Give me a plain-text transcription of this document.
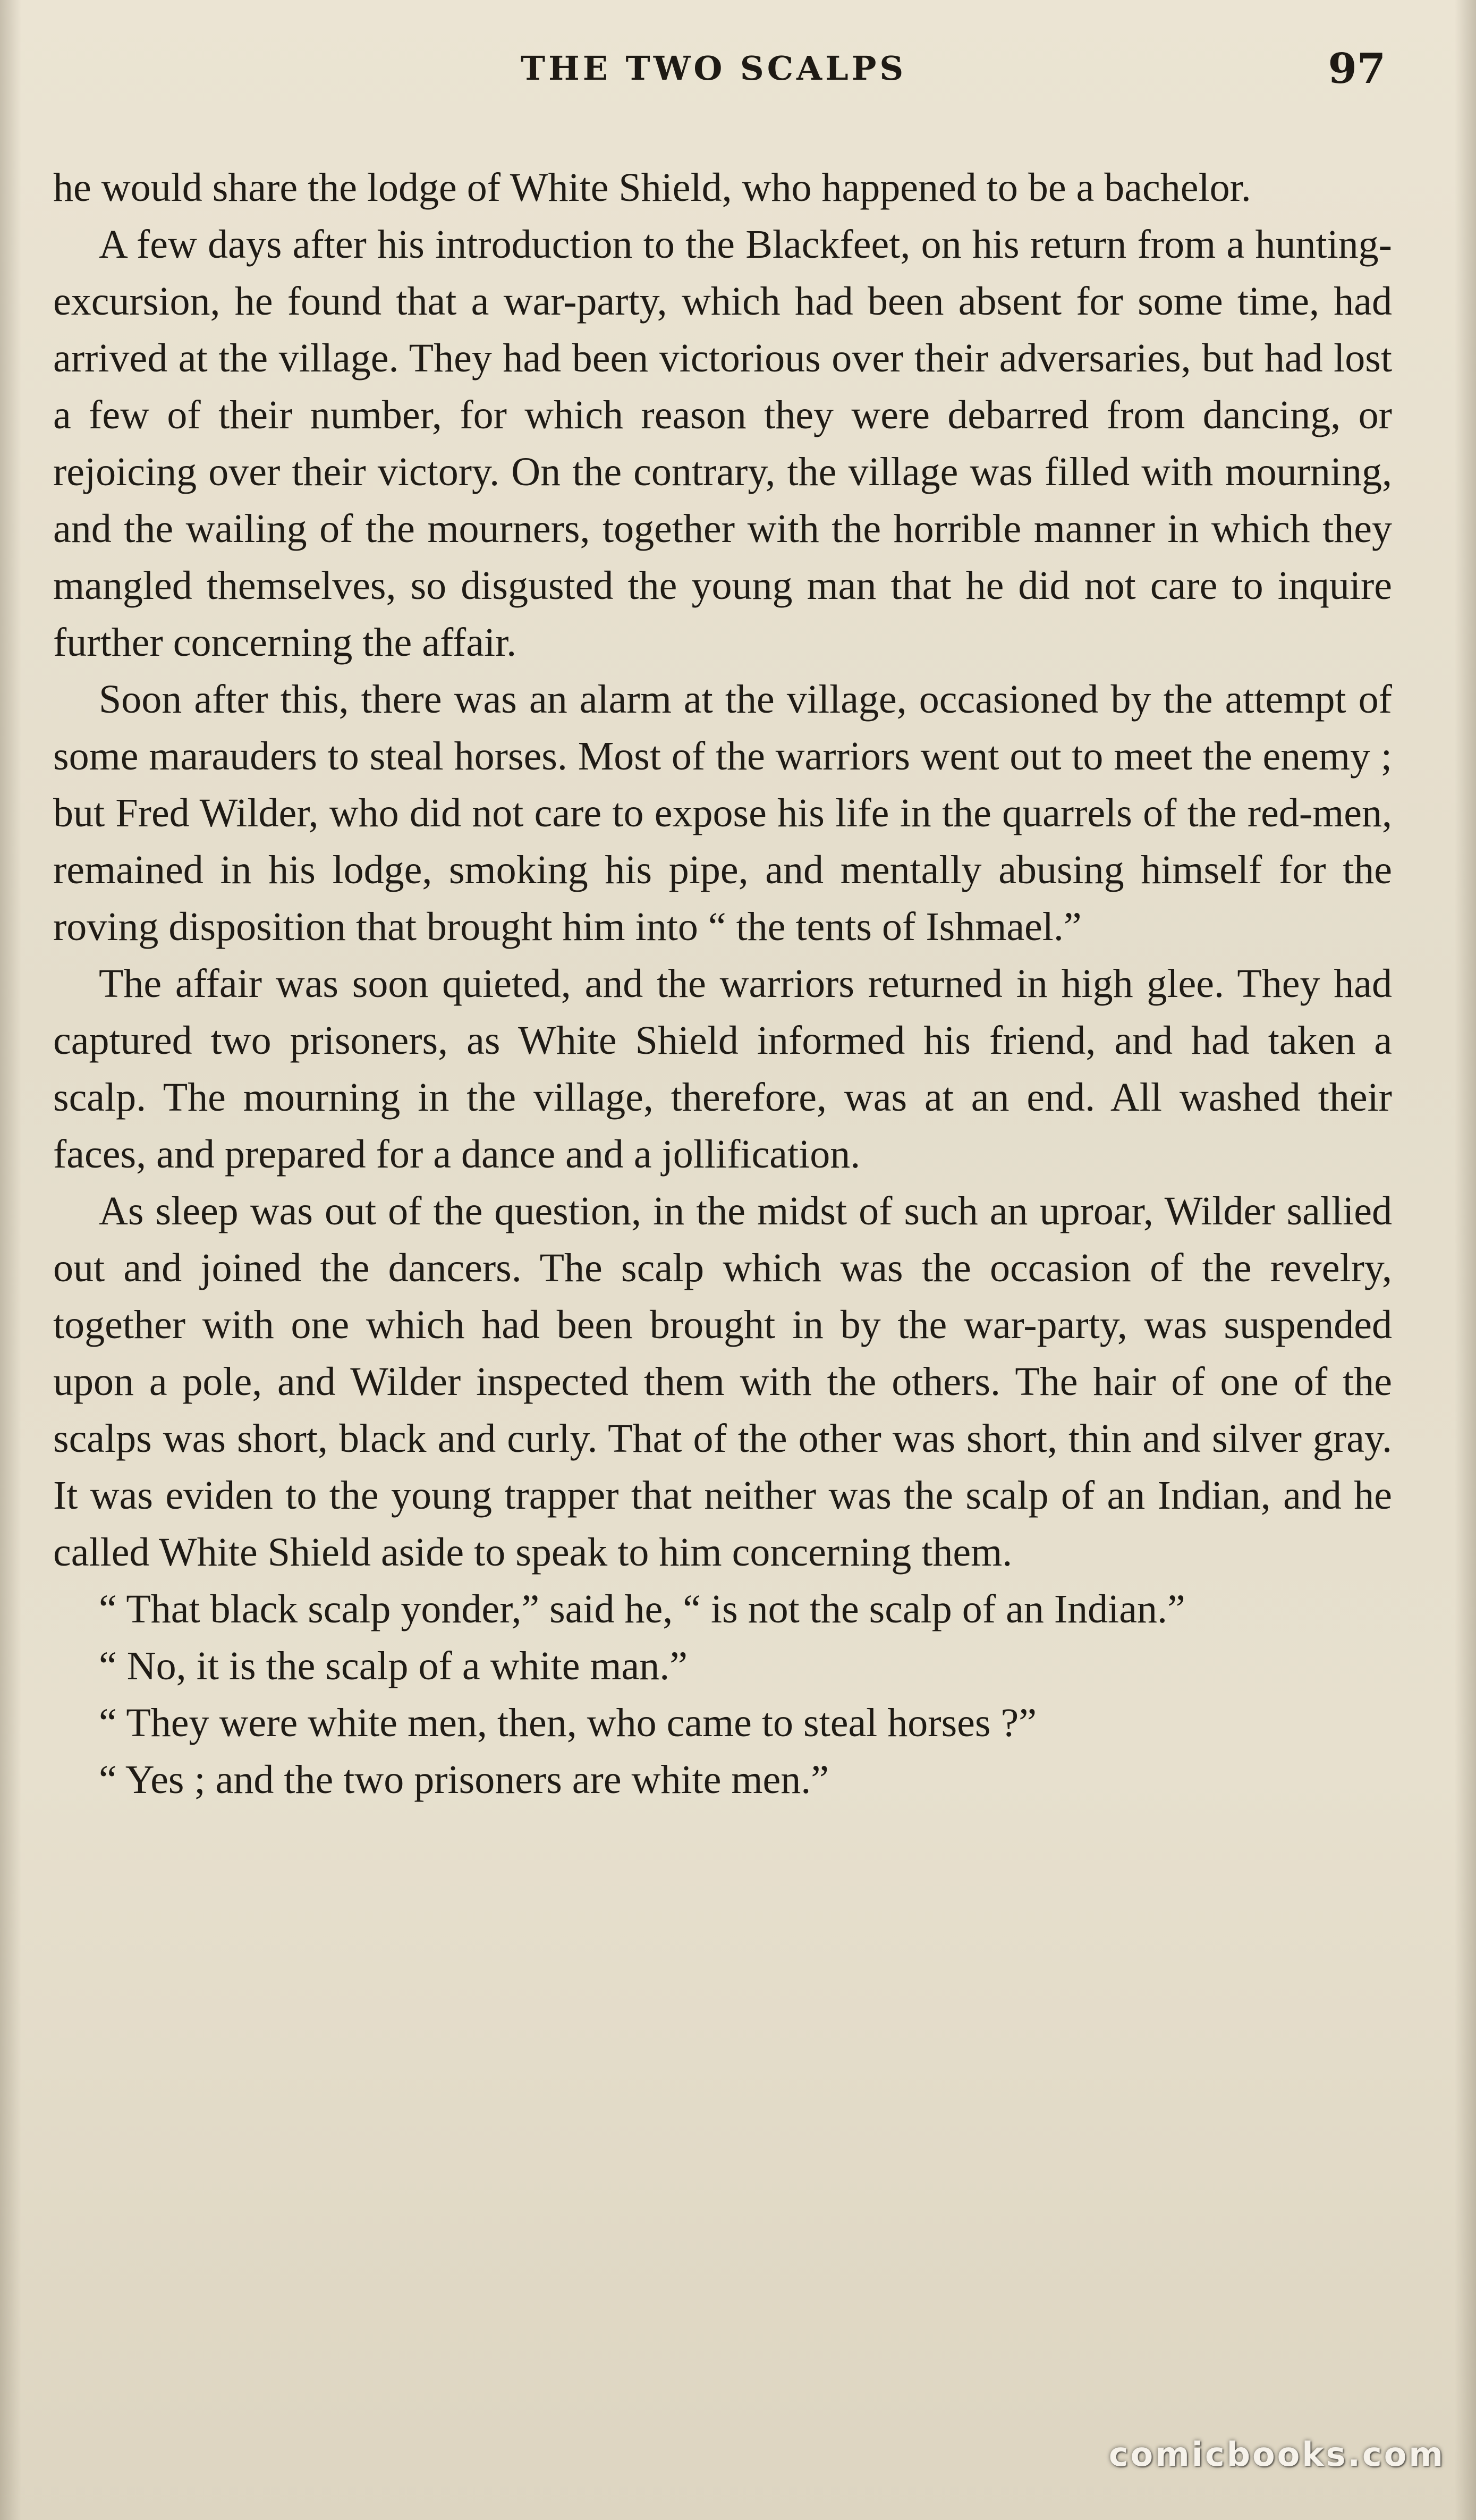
THE TWO SCALPS	97

he would share the lodge of White Shield, who happened to be a bachelor.

A few days after his introduction to the Blackfeet, on his return from a hunting-excursion, he found that a war-party, which had been absent for some time, had arrived at the village. They had been victorious over their adversaries, but had lost a few of their number, for which reason they were debarred from dancing, or rejoicing over their victory. On the contrary, the village was filled with mourning, and the wailing of the mourners, together with the horrible manner in which they mangled themselves, so disgusted the young man that he did not care to inquire further concerning the affair.

Soon after this, there was an alarm at the village, occasioned by the attempt of some marauders to steal horses. Most of the warriors went out to meet the enemy ; but Fred Wilder, who did not care to expose his life in the quarrels of the red-men, remained in his lodge, smoking his pipe, and mentally abusing himself for the roving disposition that brought him into “ the tents of Ishmael.”

The affair was soon quieted, and the warriors returned in high glee. They had captured two prisoners, as White Shield informed his friend, and had taken a scalp. The mourning in the village, therefore, was at an end. All washed their faces, and prepared for a dance and a jollification.

As sleep was out of the question, in the midst of such an uproar, Wilder sallied out and joined the dancers. The scalp which was the occasion of the revelry, together with one which had been brought in by the war-party, was suspended upon a pole, and Wilder inspected them with the others. The hair of one of the scalps was short, black and curly. That of the other was short, thin and silver gray. It was eviden to the young trapper that neither was the scalp of an Indian, and he called White Shield aside to speak to him concerning them.

“ That black scalp yonder,” said he, “ is not the scalp of an Indian.”

“ No, it is the scalp of a white man.”

“ They were white men, then, who came to steal horses ?”

“ Yes ; and the two prisoners are white men.”

comicbooks.com
